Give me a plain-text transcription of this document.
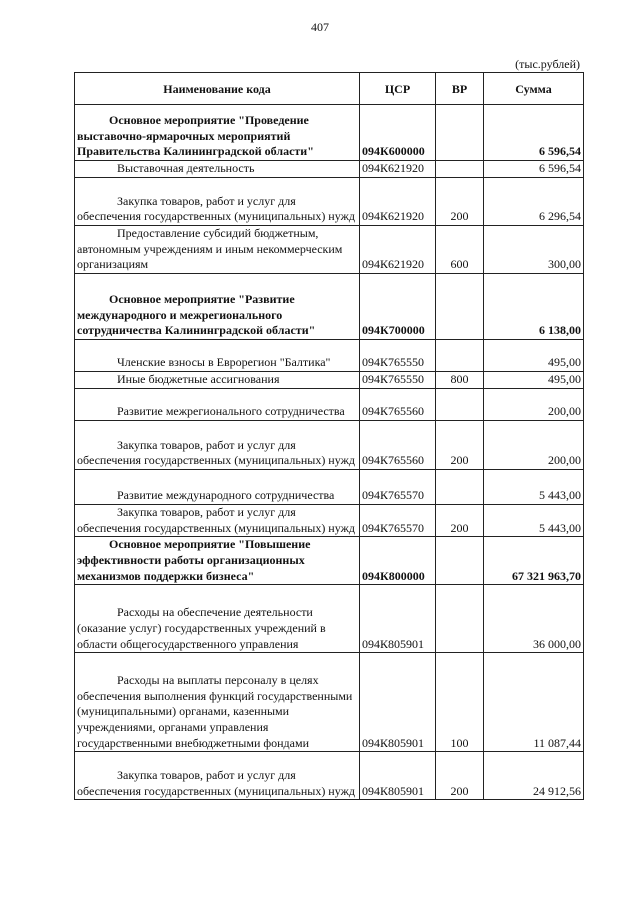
407
(тыс.рублей)
Наименование кода	ЦСР	ВР	Сумма
Основное мероприятие "Проведение выставочно-ярмарочных мероприятий Правительства Калининградской области"	094К600000		6 596,54
Выставочная деятельность	094К621920		6 596,54
Закупка товаров, работ и услуг для обеспечения государственных (муниципальных) нужд	094К621920	200	6 296,54
Предоставление субсидий бюджетным, автономным учреждениям и иным некоммерческим организациям	094К621920	600	300,00
Основное мероприятие "Развитие международного и межрегионального сотрудничества Калининградской области"	094К700000		6 138,00
Членские взносы в Еврорегион "Балтика"	094К765550		495,00
Иные бюджетные ассигнования	094К765550	800	495,00
Развитие межрегионального сотрудничества	094К765560		200,00
Закупка товаров, работ и услуг для обеспечения государственных (муниципальных) нужд	094К765560	200	200,00
Развитие международного сотрудничества	094К765570		5 443,00
Закупка товаров, работ и услуг для обеспечения государственных (муниципальных) нужд	094К765570	200	5 443,00
Основное мероприятие "Повышение эффективности работы организационных механизмов поддержки бизнеса"	094К800000		67 321 963,70
Расходы на обеспечение деятельности (оказание услуг) государственных учреждений в области общегосударственного управления	094К805901		36 000,00
Расходы на выплаты персоналу в целях обеспечения выполнения функций государственными (муниципальными) органами, казенными учреждениями, органами управления государственными внебюджетными фондами	094К805901	100	11 087,44
Закупка товаров, работ и услуг для обеспечения государственных (муниципальных) нужд	094К805901	200	24 912,56
